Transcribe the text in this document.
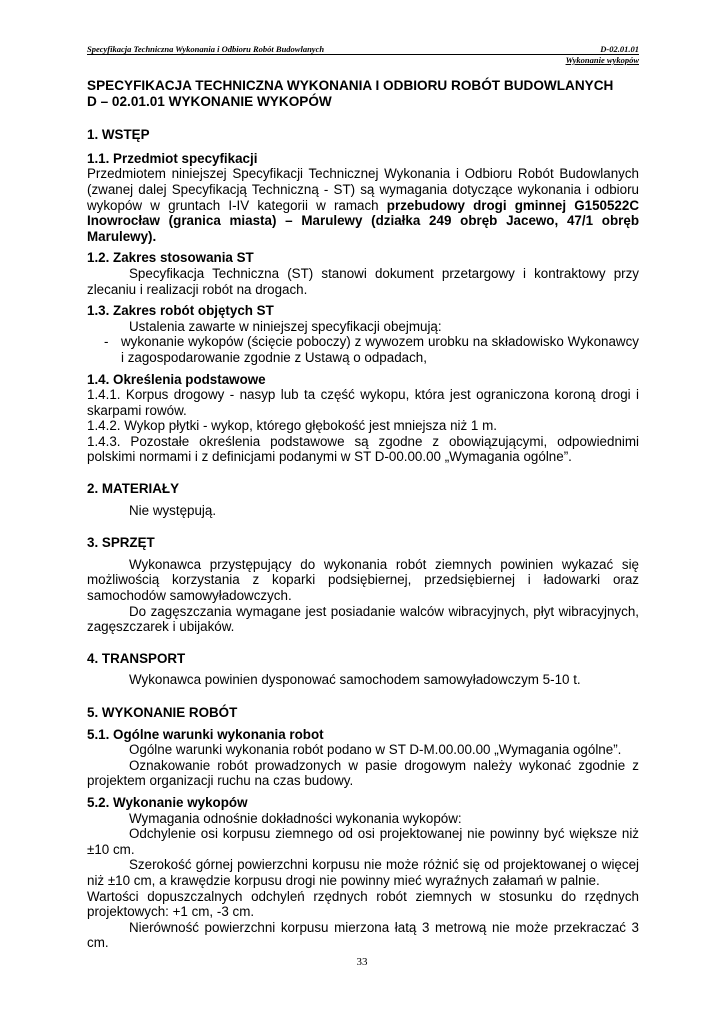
Specyfikacja Techniczna Wykonania i Odbioru Robót Budowlanych	D-02.01.01
Wykonanie wykopów
SPECYFIKACJA TECHNICZNA WYKONANIA I ODBIORU ROBÓT BUDOWLANYCH
D – 02.01.01 WYKONANIE WYKOPÓW
1. WSTĘP
1.1. Przedmiot specyfikacji

Przedmiotem niniejszej Specyfikacji Technicznej Wykonania i Odbioru Robót Budowlanych (zwanej dalej Specyfikacją Techniczną - ST) są wymagania dotyczące wykonania i odbioru wykopów w gruntach I-IV kategorii w ramach przebudowy drogi gminnej G150522C Inowrocław (granica miasta) – Marulewy (działka 249 obręb Jacewo, 47/1 obręb Marulewy).

1.2. Zakres stosowania ST

Specyfikacja Techniczna (ST) stanowi dokument przetargowy i kontraktowy przy zlecaniu i realizacji robót na drogach.

1.3. Zakres robót objętych ST

Ustalenia zawarte w niniejszej specyfikacji obejmują:

- wykonanie wykopów (ścięcie poboczy) z wywozem urobku na składowisko Wykonawcy i zagospodarowanie zgodnie z Ustawą o odpadach,
1.4. Określenia podstawowe

1.4.1. Korpus drogowy - nasyp lub ta część wykopu, która jest ograniczona koroną drogi i skarpami rowów.

1.4.2. Wykop płytki - wykop, którego głębokość jest mniejsza niż 1 m.

1.4.3. Pozostałe określenia podstawowe są zgodne z obowiązującymi, odpowiednimi polskimi normami i z definicjami podanymi w ST D-00.00.00 „Wymagania ogólne”.

2. MATERIAŁY

Nie występują.

3. SPRZĘT

Wykonawca przystępujący do wykonania robót ziemnych powinien wykazać się możliwością korzystania z koparki podsiębiernej, przedsiębiernej i ładowarki oraz samochodów samowyładowczych.

Do zagęszczania wymagane jest posiadanie walców wibracyjnych, płyt wibracyjnych, zagęszczarek i ubijaków.

4. TRANSPORT

Wykonawca powinien dysponować samochodem samowyładowczym 5-10 t.

5. WYKONANIE ROBÓT
5.1. Ogólne warunki wykonania robot

Ogólne warunki wykonania robót podano w ST D-M.00.00.00 „Wymagania ogólne”.

Oznakowanie robót prowadzonych w pasie drogowym należy wykonać zgodnie z projektem organizacji ruchu na czas budowy.

5.2. Wykonanie wykopów

Wymagania odnośnie dokładności wykonania wykopów:

Odchylenie osi korpusu ziemnego od osi projektowanej nie powinny być większe niż ±10 cm.

Szerokość górnej powierzchni korpusu nie może różnić się od projektowanej o więcej niż ±10 cm, a krawędzie korpusu drogi nie powinny mieć wyraźnych załamań w palnie.

Wartości dopuszczalnych odchyleń rzędnych robót ziemnych w stosunku do rzędnych projektowych: +1 cm, -3 cm.

Nierówność powierzchni korpusu mierzona łatą 3 metrową nie może przekraczać 3 cm.

33
